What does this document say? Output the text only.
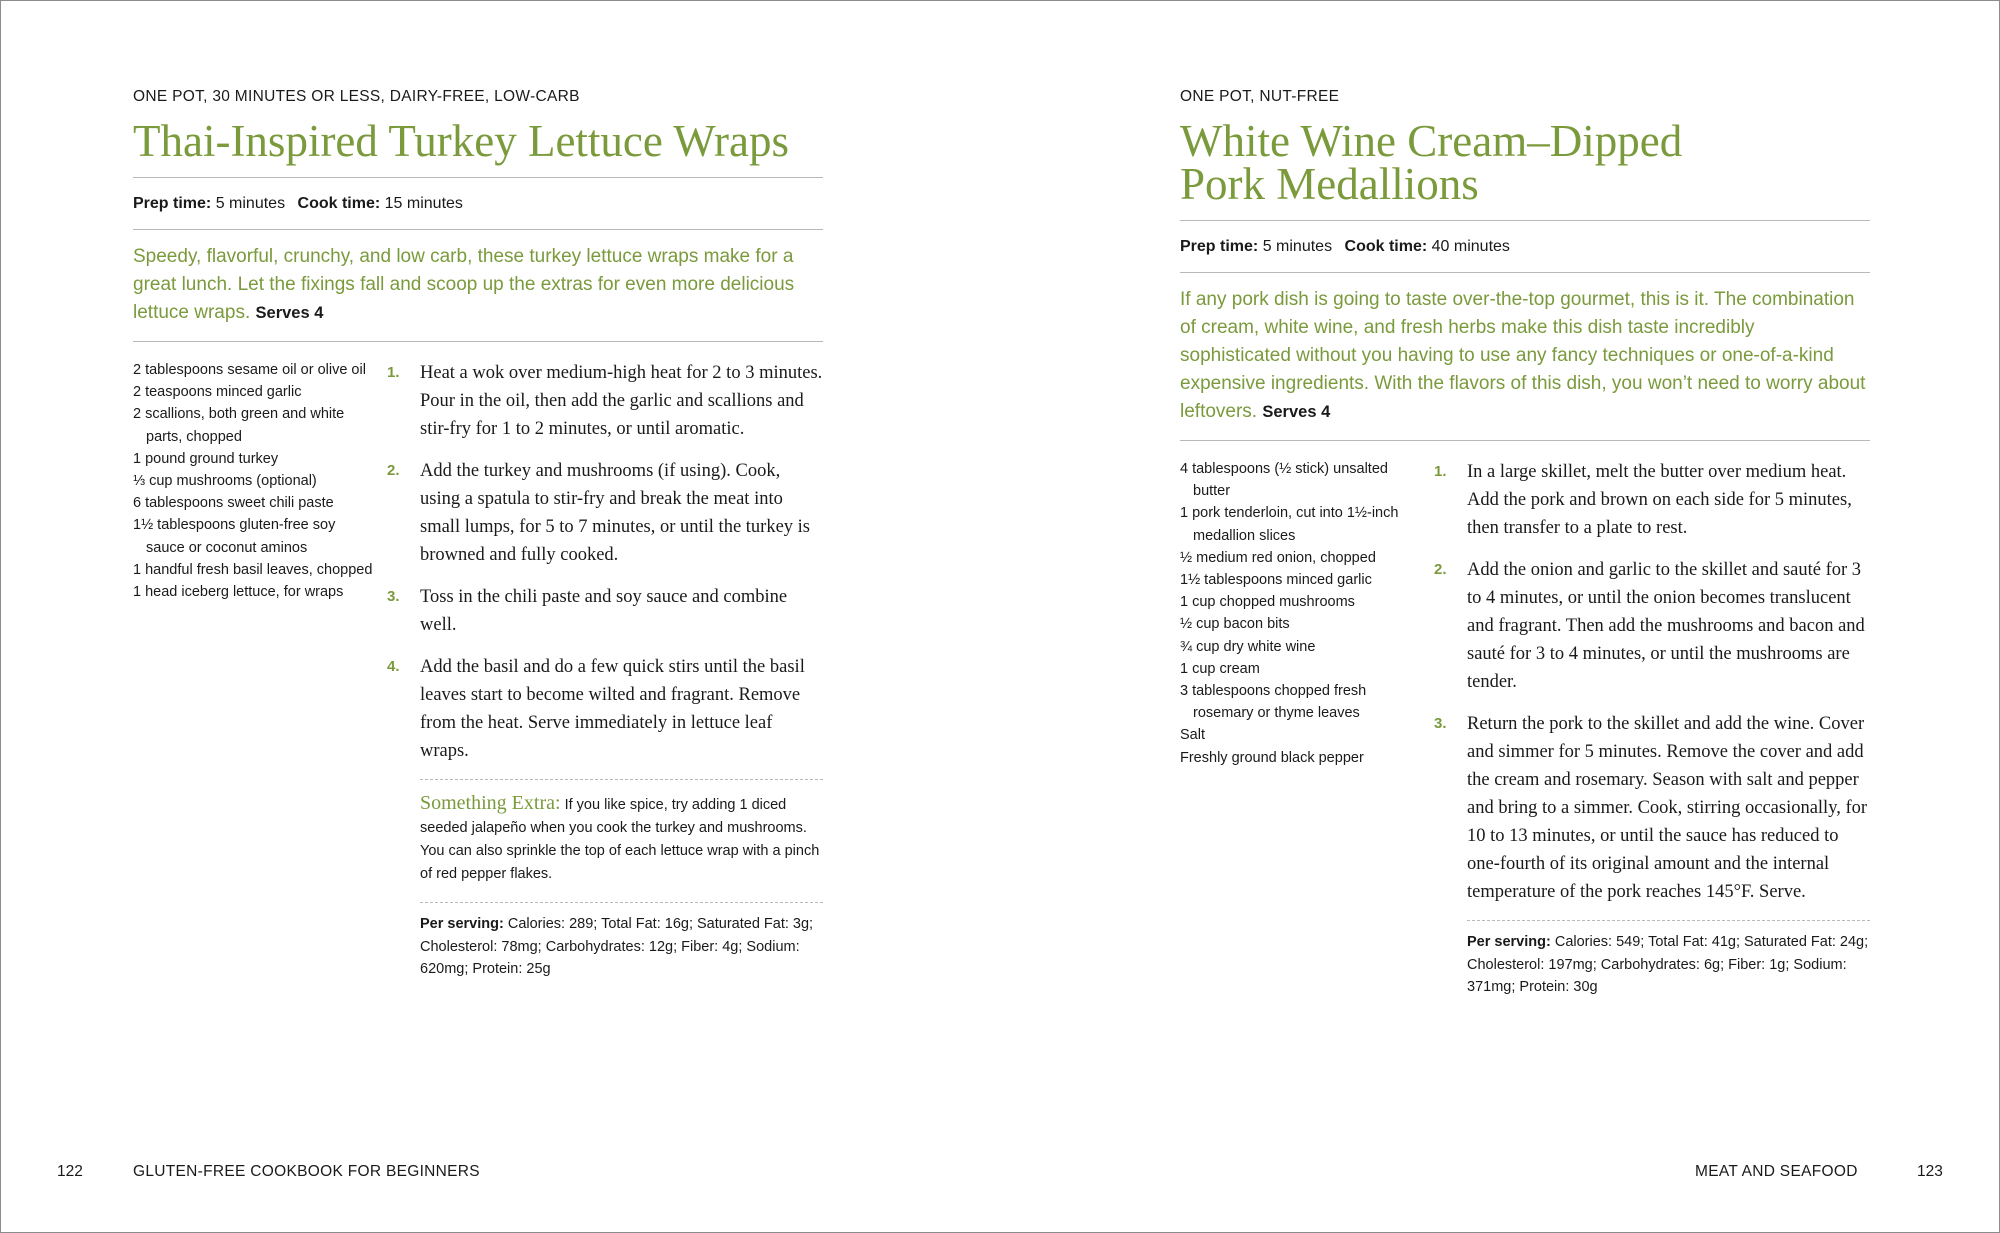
ONE POT, 30 MINUTES OR LESS, DAIRY-FREE, LOW-CARB
Thai-Inspired Turkey Lettuce Wraps
Prep time: 5 minutes Cook time: 15 minutes
Speedy, flavorful, crunchy, and low carb, these turkey lettuce wraps make for a great lunch. Let the fixings fall and scoop up the extras for even more delicious lettuce wraps. Serves 4
2 tablespoons sesame oil or olive oil
2 teaspoons minced garlic
2 scallions, both green and white parts, chopped
1 pound ground turkey
⅓ cup mushrooms (optional)
6 tablespoons sweet chili paste
1½ tablespoons gluten-free soy sauce or coconut aminos
1 handful fresh basil leaves, chopped
1 head iceberg lettuce, for wraps
1.	Heat a wok over medium-high heat for 2 to 3 minutes. Pour in the oil, then add the garlic and scallions and stir-fry for 1 to 2 minutes, or until aromatic.
2.	Add the turkey and mushrooms (if using). Cook, using a spatula to stir-fry and break the meat into small lumps, for 5 to 7 minutes, or until the turkey is browned and fully cooked.
3.	Toss in the chili paste and soy sauce and combine well.
4.	Add the basil and do a few quick stirs until the basil leaves start to become wilted and fragrant. Remove from the heat. Serve immediately in lettuce leaf wraps.
Something Extra: If you like spice, try adding 1 diced seeded jalapeño when you cook the turkey and mushrooms. You can also sprinkle the top of each lettuce wrap with a pinch of red pepper flakes.
Per serving: Calories: 289; Total Fat: 16g; Saturated Fat: 3g; Cholesterol: 78mg; Carbohydrates: 12g; Fiber: 4g; Sodium: 620mg; Protein: 25g
122	GLUTEN-FREE COOKBOOK FOR BEGINNERS
ONE POT, NUT-FREE
White Wine Cream–Dipped
Pork Medallions
Prep time: 5 minutes Cook time: 40 minutes
If any pork dish is going to taste over-the-top gourmet, this is it. The combination of cream, white wine, and fresh herbs make this dish taste incredibly sophisticated without you having to use any fancy techniques or one-of-a-kind expensive ingredients. With the flavors of this dish, you won’t need to worry about leftovers. Serves 4
4 tablespoons (½ stick) unsalted butter
1 pork tenderloin, cut into 1½-inch medallion slices
½ medium red onion, chopped
1½ tablespoons minced garlic
1 cup chopped mushrooms
½ cup bacon bits
¾ cup dry white wine
1 cup cream
3 tablespoons chopped fresh rosemary or thyme leaves
Salt
Freshly ground black pepper
1.	In a large skillet, melt the butter over medium heat. Add the pork and brown on each side for 5 minutes, then transfer to a plate to rest.
2.	Add the onion and garlic to the skillet and sauté for 3 to 4 minutes, or until the onion becomes translucent and fragrant. Then add the mushrooms and bacon and sauté for 3 to 4 minutes, or until the mushrooms are tender.
3.	Return the pork to the skillet and add the wine. Cover and simmer for 5 minutes. Remove the cover and add the cream and rosemary. Season with salt and pepper and bring to a simmer. Cook, stirring occasionally, for 10 to 13 minutes, or until the sauce has reduced to one-fourth of its original amount and the internal temperature of the pork reaches 145°F. Serve.
Per serving: Calories: 549; Total Fat: 41g; Saturated Fat: 24g; Cholesterol: 197mg; Carbohydrates: 6g; Fiber: 1g; Sodium: 371mg; Protein: 30g
MEAT AND SEAFOOD	123
